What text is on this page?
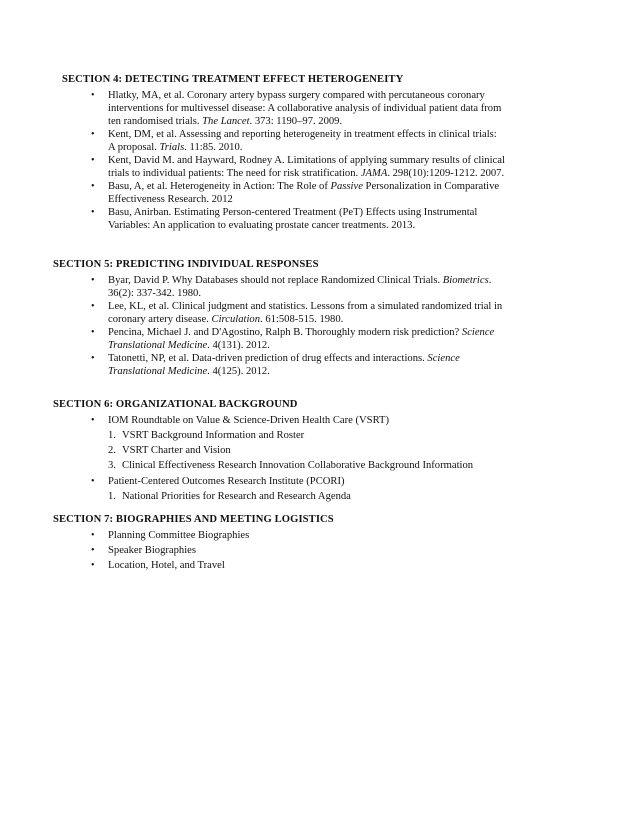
SECTION 4: DETECTING TREATMENT EFFECT HETEROGENEITY
• Hlatky, MA, et al. Coronary artery bypass surgery compared with percutaneous coronary
interventions for multivessel disease: A collaborative analysis of individual patient data from
ten randomised trials. The Lancet. 373: 1190–97. 2009.
• Kent, DM, et al. Assessing and reporting heterogeneity in treatment effects in clinical trials:
A proposal. Trials. 11:85. 2010.
• Kent, David M. and Hayward, Rodney A. Limitations of applying summary results of clinical
trials to individual patients: The need for risk stratification. JAMA. 298(10):1209-1212. 2007.
• Basu, A, et al. Heterogeneity in Action: The Role of Passive Personalization in Comparative
Effectiveness Research. 2012
• Basu, Anirban. Estimating Person-centered Treatment (PeT) Effects using Instrumental
Variables: An application to evaluating prostate cancer treatments. 2013.
SECTION 5: PREDICTING INDIVIDUAL RESPONSES
• Byar, David P. Why Databases should not replace Randomized Clinical Trials. Biometrics.
36(2): 337-342. 1980.
• Lee, KL, et al. Clinical judgment and statistics. Lessons from a simulated randomized trial in
coronary artery disease. Circulation. 61:508-515. 1980.
• Pencina, Michael J. and D'Agostino, Ralph B. Thoroughly modern risk prediction? Science
Translational Medicine. 4(131). 2012.
• Tatonetti, NP, et al. Data-driven prediction of drug effects and interactions. Science
Translational Medicine. 4(125). 2012.
SECTION 6: ORGANIZATIONAL BACKGROUND
• IOM Roundtable on Value & Science-Driven Health Care (VSRT)
1. VSRT Background Information and Roster
2. VSRT Charter and Vision
3. Clinical Effectiveness Research Innovation Collaborative Background Information
• Patient-Centered Outcomes Research Institute (PCORI)
1. National Priorities for Research and Research Agenda
SECTION 7: BIOGRAPHIES AND MEETING LOGISTICS
• Planning Committee Biographies
• Speaker Biographies
• Location, Hotel, and Travel
